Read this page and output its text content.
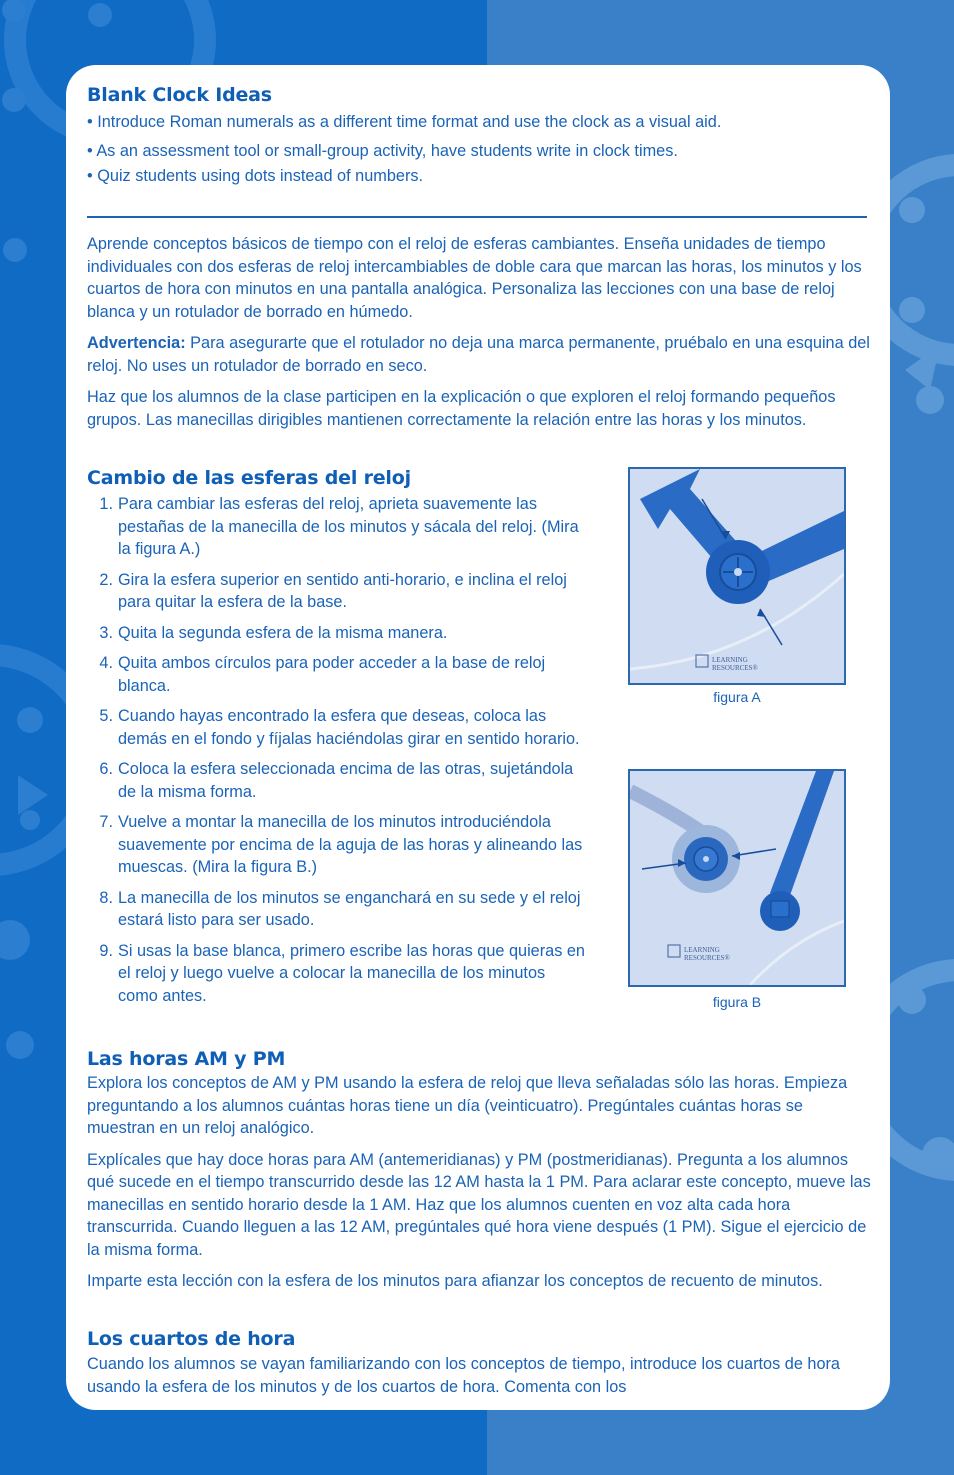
Blank Clock Ideas

• Introduce Roman numerals as a different time format and use the clock as a visual aid.

• As an assessment tool or small-group activity, have students write in clock times.

• Quiz students using dots instead of numbers.

Aprende conceptos básicos de tiempo con el reloj de esferas cambiantes. Enseña unidades de tiempo individuales con dos esferas de reloj intercambiables de doble cara que marcan las horas, los minutos y los cuartos de hora con minutos en una pantalla analógica. Personaliza las lecciones con una base de reloj blanca y un rotulador de borrado en húmedo.

Advertencia: Para asegurarte que el rotulador no deja una marca permanente, pruébalo en una esquina del reloj. No uses un rotulador de borrado en seco.

Haz que los alumnos de la clase participen en la explicación o que exploren el reloj formando pequeños grupos. Las manecillas dirigibles mantienen correctamente la relación entre las horas y los minutos.

Cambio de las esferas del reloj
1. Para cambiar las esferas del reloj, aprieta suavemente las pestañas de la manecilla de los minutos y sácala del reloj. (Mira la figura A.)
2. Gira la esfera superior en sentido anti-horario, e inclina el reloj para quitar la esfera de la base.
3. Quita la segunda esfera de la misma manera.
4. Quita ambos círculos para poder acceder a la base de reloj blanca.
5. Cuando hayas encontrado la esfera que deseas, coloca las demás en el fondo y fíjalas haciéndolas girar en sentido horario.
6. Coloca la esfera seleccionada encima de las otras, sujetándola de la misma forma.
7. Vuelve a montar la manecilla de los minutos introduciéndola suavemente por encima de la aguja de las horas y alineando las muescas. (Mira la figura B.)
8. La manecilla de los minutos se enganchará en su sede y el reloj estará listo para ser usado.
9. Si usas la base blanca, primero escribe las horas que quieras en el reloj y luego vuelve a colocar la manecilla de los minutos como antes.
LEARNING
RESOURCES®
figura A
LEARNING
RESOURCES®
figura B
Las horas AM y PM

Explora los conceptos de AM y PM usando la esfera de reloj que lleva señaladas sólo las horas. Empieza preguntando a los alumnos cuántas horas tiene un día (veinticuatro). Pregúntales cuántas horas se muestran en un reloj analógico.

Explícales que hay doce horas para AM (antemeridianas) y PM (postmeridianas). Pregunta a los alumnos qué sucede en el tiempo transcurrido desde las 12 AM hasta la 1 PM. Para aclarar este concepto, mueve las manecillas en sentido horario desde la 1 AM. Haz que los alumnos cuenten en voz alta cada hora transcurrida. Cuando lleguen a las 12 AM, pregúntales qué hora viene después (1 PM). Sigue el ejercicio de la misma forma.

Imparte esta lección con la esfera de los minutos para afianzar los conceptos de recuento de minutos.

Los cuartos de hora

Cuando los alumnos se vayan familiarizando con los conceptos de tiempo, introduce los cuartos de hora usando la esfera de los minutos y de los cuartos de hora. Comenta con los
